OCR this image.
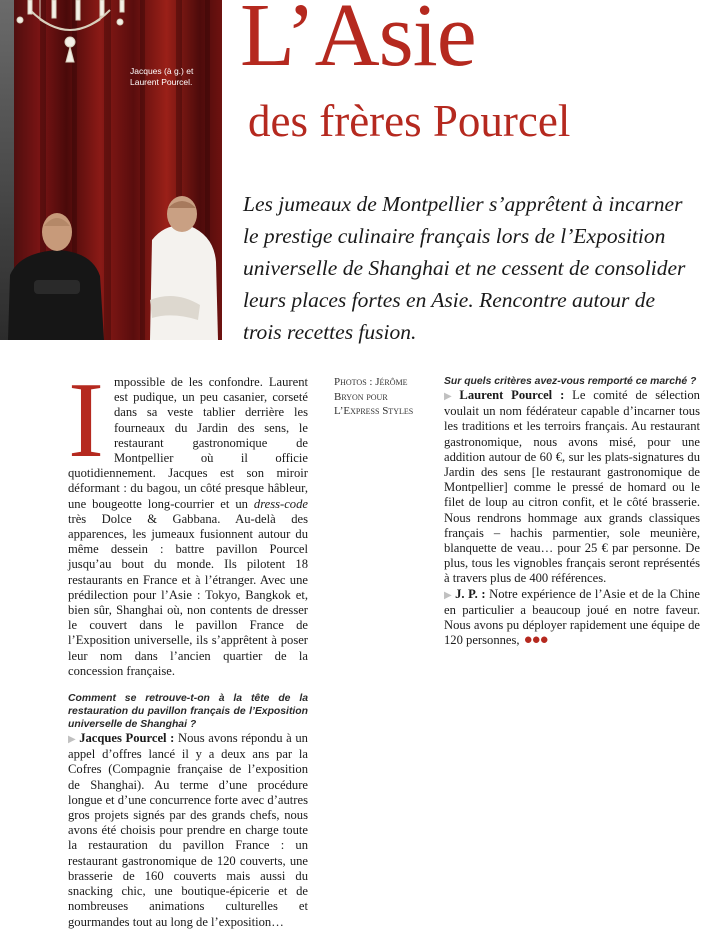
Jacques (à g.) et
Laurent Pourcel. L’Asie
des frères Pourcel

Les jumeaux de Montpellier s’apprêtent à incarner le prestige culinaire français lors de l’Exposition universelle de Shanghai et ne cessent de consolider leurs places fortes en Asie. Rencontre autour de trois recettes fusion.

Impossible de les confondre. Laurent est pudique, un peu casanier, corseté dans sa veste tablier derrière les fourneaux du Jardin des sens, le restaurant gastronomique de Montpellier où il officie quotidiennement. Jacques est son miroir déformant : du bagou, un côté presque hâbleur, une bougeotte long-courrier et un dress-code très Dolce & Gabbana. Au-delà des apparences, les jumeaux fusionnent autour du même dessein : battre pavillon Pourcel jusqu’au bout du monde. Ils pilotent 18 restaurants en France et à l’étranger. Avec une prédilection pour l’Asie : Tokyo, Bangkok et, bien sûr, Shanghai où, non contents de dresser le couvert dans le pavillon France de l’Exposition universelle, ils s’apprêtent à poser leur nom dans l’ancien quartier de la concession française.

Comment se retrouve-t-on à la tête de la restauration du pavillon français de l’Exposition universelle de Shanghai ?

▶ Jacques Pourcel : Nous avons répondu à un appel d’offres lancé il y a deux ans par la Cofres (Compagnie française de l’exposition de Shanghai). Au terme d’une procédure longue et d’une concurrence forte avec d’autres gros projets signés par des grands chefs, nous avons été choisis pour prendre en charge toute la restauration du pavillon France : un restaurant gastronomique de 120 couverts, une brasserie de 160 couverts mais aussi du snacking chic, une boutique-épicerie et de nombreuses animations culturelles et gourmandes tout au long de l’exposition…

Photos : Jérôme
Bryon pour
L’Express Styles

Sur quels critères avez-vous remporté ce marché ?

▶ Laurent Pourcel : Le comité de sélection voulait un nom fédérateur capable d’incarner tous les traditions et les terroirs français. Au restaurant gastronomique, nous avons misé, pour une addition autour de 60 €, sur les plats-signatures du Jardin des sens [le restaurant gastronomique de Montpellier] comme le pressé de homard ou le filet de loup au citron confit, et le côté brasserie. Nous rendrons hommage aux grands classiques français – hachis parmentier, sole meunière, blanquette de veau… pour 25 € par personne. De plus, tous les vignobles français seront représentés à travers plus de 400 références.

▶ J. P. : Notre expérience de l’Asie et de la Chine en particulier a beaucoup joué en notre faveur. Nous avons pu déployer rapidement une équipe de 120 personnes, ●●●
